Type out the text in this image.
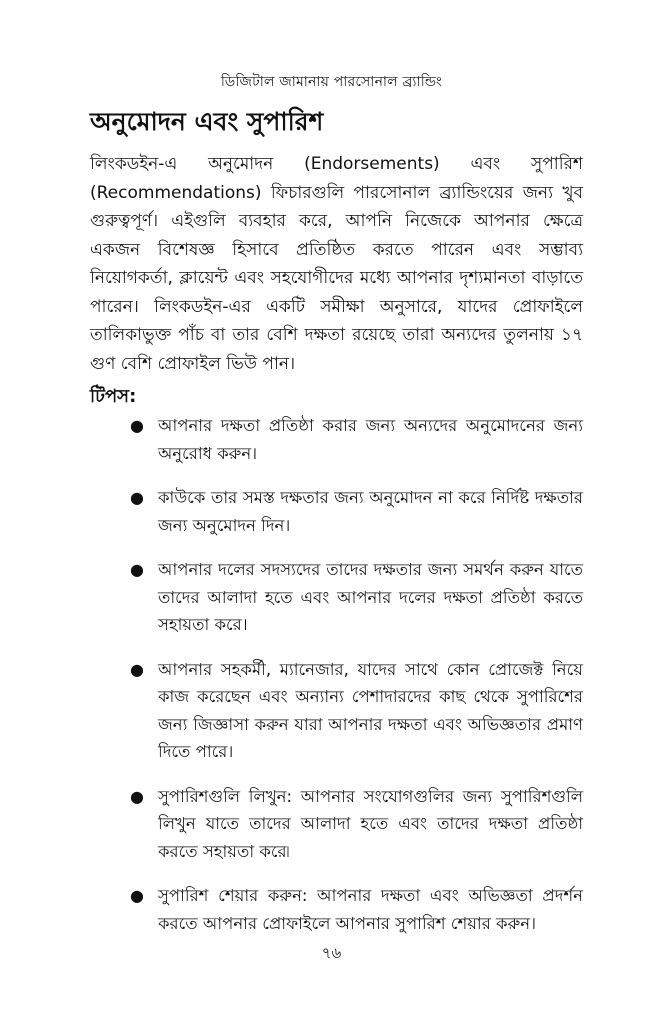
ডিজিটাল জামানায় পারসোনাল ব্র্যান্ডিং
অনুমোদন এবং সুপারিশ

লিংকডইন-এ অনুমোদন (Endorsements) এবং সুপারিশ (Recommendations) ফিচারগুলি পারসোনাল ব্র্যান্ডিংয়ের জন্য খুব গুরুত্বপূর্ণ। এইগুলি ব্যবহার করে, আপনি নিজেকে আপনার ক্ষেত্রে একজন বিশেষজ্ঞ হিসাবে প্রতিষ্ঠিত করতে পারেন এবং সম্ভাব্য নিয়োগকর্তা, ক্লায়েন্ট এবং সহযোগীদের মধ্যে আপনার দৃশ্যমানতা বাড়াতে পারেন। লিংকডইন-এর একটি সমীক্ষা অনুসারে, যাদের প্রোফাইলে তালিকাভুক্ত পাঁচ বা তার বেশি দক্ষতা রয়েছে তারা অন্যদের তুলনায় ১৭ গুণ বেশি প্রোফাইল ভিউ পান।

টিপস:
● আপনার দক্ষতা প্রতিষ্ঠা করার জন্য অন্যদের অনুমোদনের জন্য অনুরোধ করুন।
● কাউকে তার সমস্ত দক্ষতার জন্য অনুমোদন না করে নির্দিষ্ট দক্ষতার জন্য অনুমোদন দিন।
● আপনার দলের সদস্যদের তাদের দক্ষতার জন্য সমর্থন করুন যাতে তাদের আলাদা হতে এবং আপনার দলের দক্ষতা প্রতিষ্ঠা করতে সহায়তা করে।
● আপনার সহকর্মী, ম্যানেজার, যাদের সাথে কোন প্রোজেক্ট নিয়ে কাজ করেছেন এবং অন্যান্য পেশাদারদের কাছ থেকে সুপারিশের জন্য জিজ্ঞাসা করুন যারা আপনার দক্ষতা এবং অভিজ্ঞতার প্রমাণ দিতে পারে।
● সুপারিশগুলি লিখুন: আপনার সংযোগগুলির জন্য সুপারিশগুলি লিখুন যাতে তাদের আলাদা হতে এবং তাদের দক্ষতা প্রতিষ্ঠা করতে সহায়তা করে৷
● সুপারিশ শেয়ার করুন: আপনার দক্ষতা এবং অভিজ্ঞতা প্রদর্শন করতে আপনার প্রোফাইলে আপনার সুপারিশ শেয়ার করুন।
৭৬
